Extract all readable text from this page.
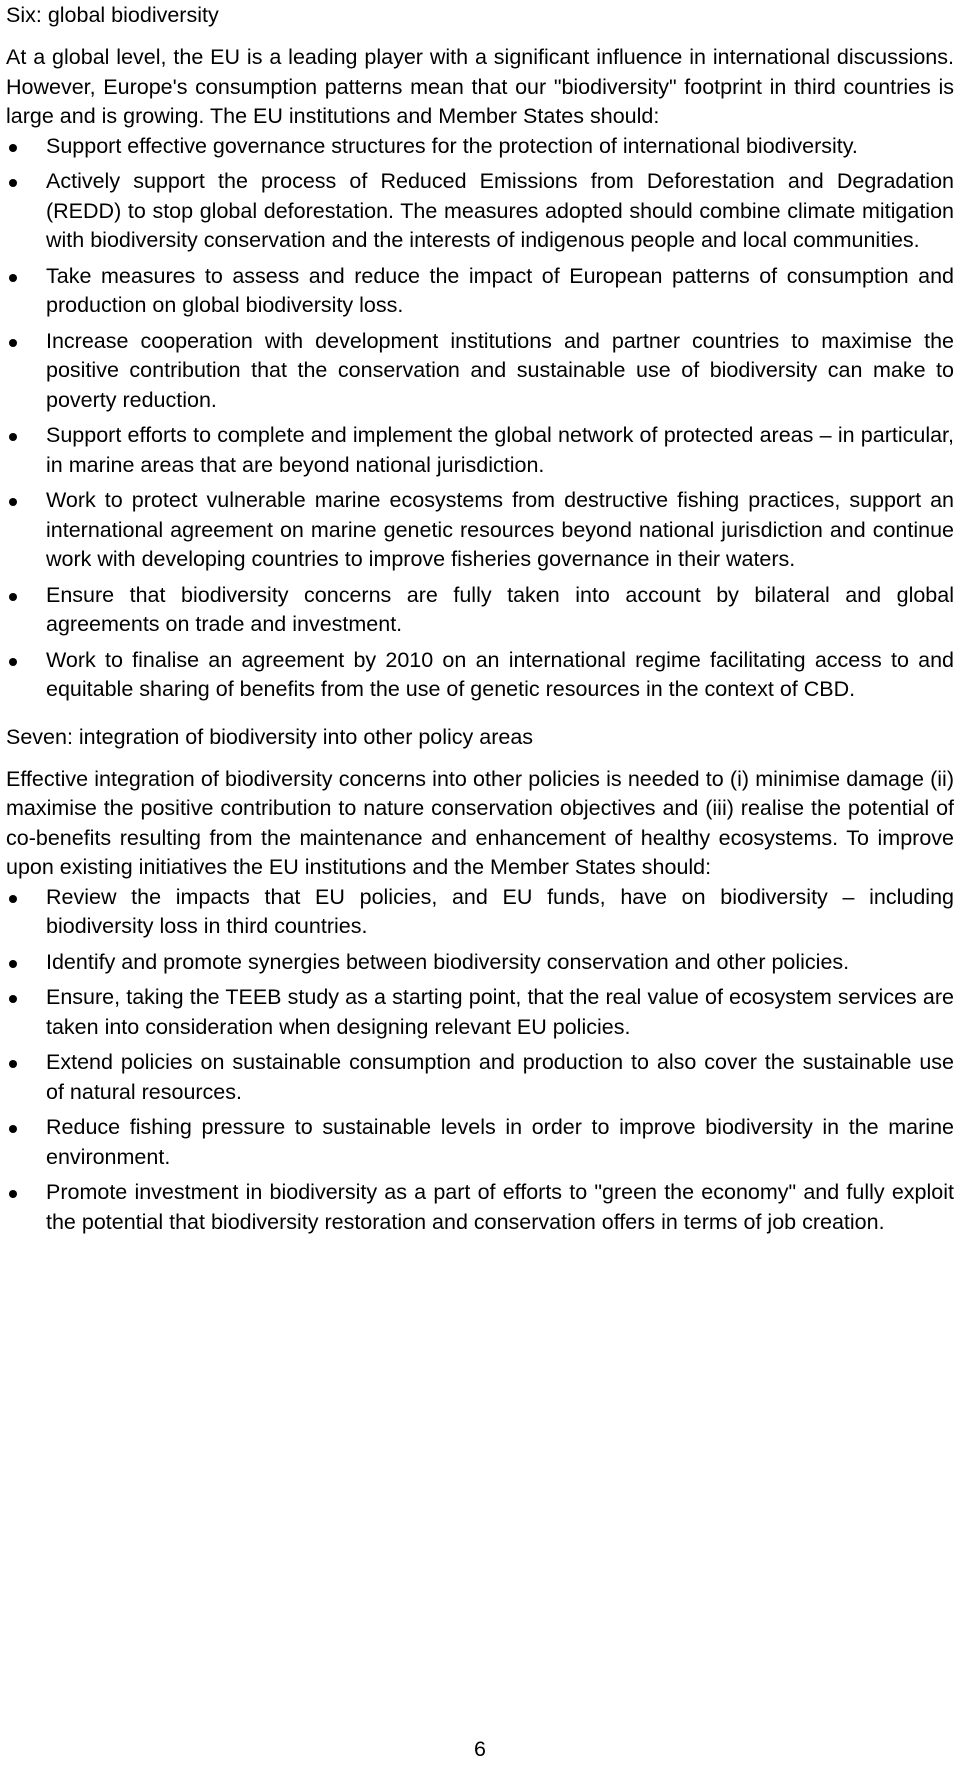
Six: global biodiversity

At a global level, the EU is a leading player with a significant influence in international discussions. However, Europe's consumption patterns mean that our "biodiversity" footprint in third countries is large and is growing. The EU institutions and Member States should:

Support effective governance structures for the protection of international biodiversity.
Actively support the process of Reduced Emissions from Deforestation and Degradation (REDD) to stop global deforestation. The measures adopted should combine climate mitigation with biodiversity conservation and the interests of indigenous people and local communities.
Take measures to assess and reduce the impact of European patterns of consumption and production on global biodiversity loss.
Increase cooperation with development institutions and partner countries to maximise the positive contribution that the conservation and sustainable use of biodiversity can make to poverty reduction.
Support efforts to complete and implement the global network of protected areas – in particular, in marine areas that are beyond national jurisdiction.
Work to protect vulnerable marine ecosystems from destructive fishing practices, support an international agreement on marine genetic resources beyond national jurisdiction and continue work with developing countries to improve fisheries governance in their waters.
Ensure that biodiversity concerns are fully taken into account by bilateral and global agreements on trade and investment.
Work to finalise an agreement by 2010 on an international regime facilitating access to and equitable sharing of benefits from the use of genetic resources in the context of CBD.
Seven: integration of biodiversity into other policy areas

Effective integration of biodiversity concerns into other policies is needed to (i) minimise damage (ii) maximise the positive contribution to nature conservation objectives and (iii) realise the potential of co-benefits resulting from the maintenance and enhancement of healthy ecosystems. To improve upon existing initiatives the EU institutions and the Member States should:

Review the impacts that EU policies, and EU funds, have on biodiversity – including biodiversity loss in third countries.
Identify and promote synergies between biodiversity conservation and other policies.
Ensure, taking the TEEB study as a starting point, that the real value of ecosystem services are taken into consideration when designing relevant EU policies.
Extend policies on sustainable consumption and production to also cover the sustainable use of natural resources.
Reduce fishing pressure to sustainable levels in order to improve biodiversity in the marine environment.
Promote investment in biodiversity as a part of efforts to "green the economy" and fully exploit the potential that biodiversity restoration and conservation offers in terms of job creation.
6
